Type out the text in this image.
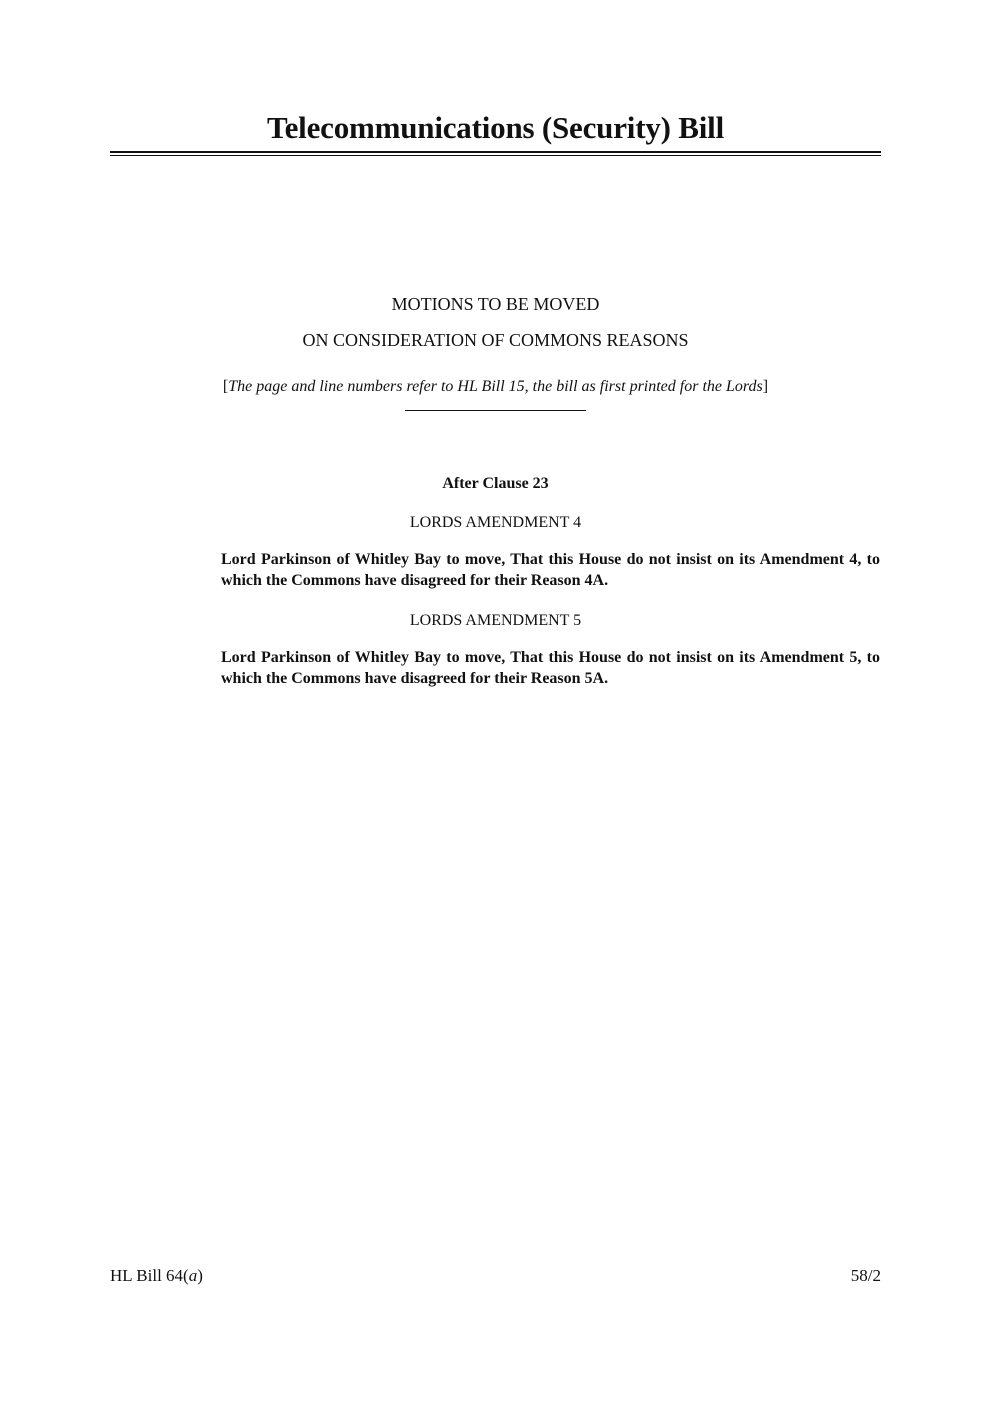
Telecommunications (Security) Bill
MOTIONS TO BE MOVED
ON CONSIDERATION OF COMMONS REASONS
[The page and line numbers refer to HL Bill 15, the bill as first printed for the Lords]
After Clause 23
LORDS AMENDMENT 4
Lord Parkinson of Whitley Bay to move, That this House do not insist on its Amendment 4, to which the Commons have disagreed for their Reason 4A.
LORDS AMENDMENT 5
Lord Parkinson of Whitley Bay to move, That this House do not insist on its Amendment 5, to which the Commons have disagreed for their Reason 5A.
HL Bill 64(a)	58/2
